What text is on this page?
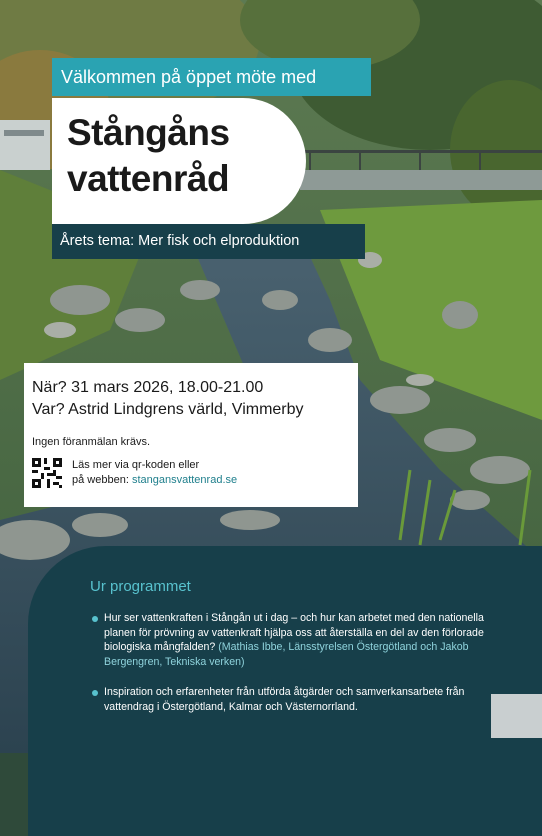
Välkommen på öppet möte med
Stångåns
vattenråd
Årets tema: Mer fisk och elproduktion
När? 31 mars 2026, 18.00-21.00
Var? Astrid Lindgrens värld, Vimmerby
Ingen föranmälan krävs.
Läs mer via qr-koden eller
på webben: stangansvattenrad.se
Ur programmet
Hur ser vattenkraften i Stångån ut i dag – och hur kan arbetet med den nationella planen för prövning av vattenkraft hjälpa oss att återställa en del av den förlorade biologiska mångfalden? (Mathias Ibbe, Länsstyrelsen Östergötland och Jakob Bergengren, Tekniska verken)
Inspiration och erfarenheter från utförda åtgärder och samverkansarbete från vattendrag i Östergötland, Kalmar och Västernorrland.
